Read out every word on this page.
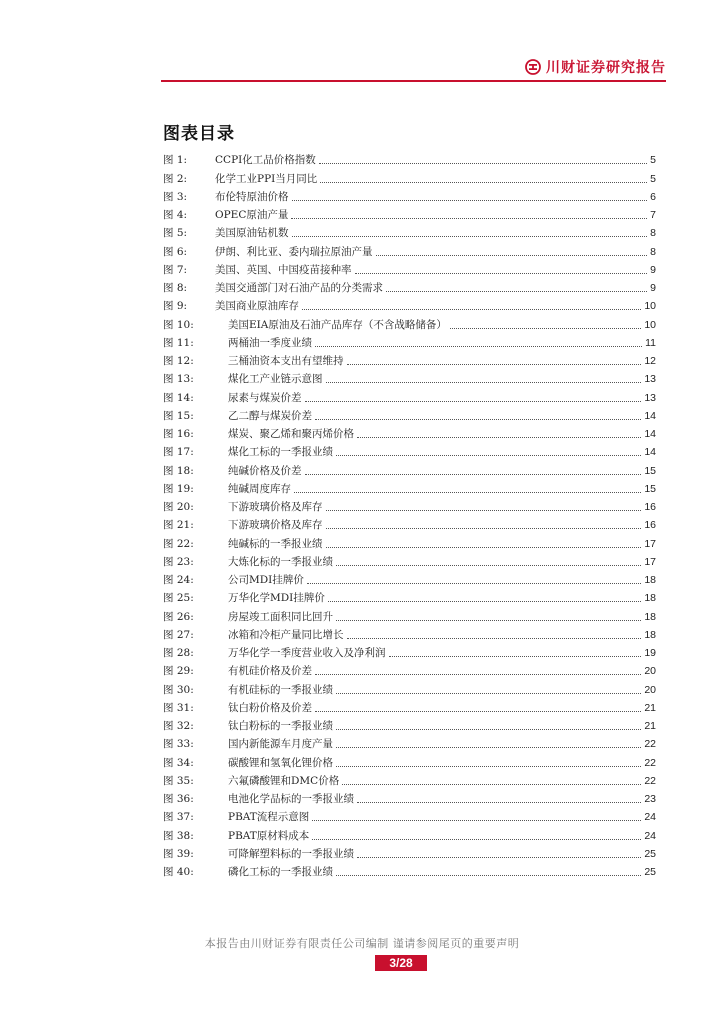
川财证券研究报告
图表目录
图 1:	CCPI化工品价格指数	5
图 2:	化学工业PPI当月同比	5
图 3:	布伦特原油价格	6
图 4:	OPEC原油产量	7
图 5:	美国原油钻机数	8
图 6:	伊朗、利比亚、委内瑞拉原油产量	8
图 7:	美国、英国、中国疫苗接种率	9
图 8:	美国交通部门对石油产品的分类需求	9
图 9:	美国商业原油库存	10
图 10:	美国EIA原油及石油产品库存（不含战略储备）	10
图 11:	两桶油一季度业绩	11
图 12:	三桶油资本支出有望维持	12
图 13:	煤化工产业链示意图	13
图 14:	尿素与煤炭价差	13
图 15:	乙二醇与煤炭价差	14
图 16:	煤炭、聚乙烯和聚丙烯价格	14
图 17:	煤化工标的一季报业绩	14
图 18:	纯碱价格及价差	15
图 19:	纯碱周度库存	15
图 20:	下游玻璃价格及库存	16
图 21:	下游玻璃价格及库存	16
图 22:	纯碱标的一季报业绩	17
图 23:	大炼化标的一季报业绩	17
图 24:	公司MDI挂牌价	18
图 25:	万华化学MDI挂牌价	18
图 26:	房屋竣工面积同比回升	18
图 27:	冰箱和冷柜产量同比增长	18
图 28:	万华化学一季度营业收入及净利润	19
图 29:	有机硅价格及价差	20
图 30:	有机硅标的一季报业绩	20
图 31:	钛白粉价格及价差	21
图 32:	钛白粉标的一季报业绩	21
图 33:	国内新能源车月度产量	22
图 34:	碳酸锂和氢氧化锂价格	22
图 35:	六氟磷酸锂和DMC价格	22
图 36:	电池化学品标的一季报业绩	23
图 37:	PBAT流程示意图	24
图 38:	PBAT原材料成本	24
图 39:	可降解塑料标的一季报业绩	25
图 40:	磷化工标的一季报业绩	25
本报告由川财证券有限责任公司编制 谨请参阅尾页的重要声明
3/28
